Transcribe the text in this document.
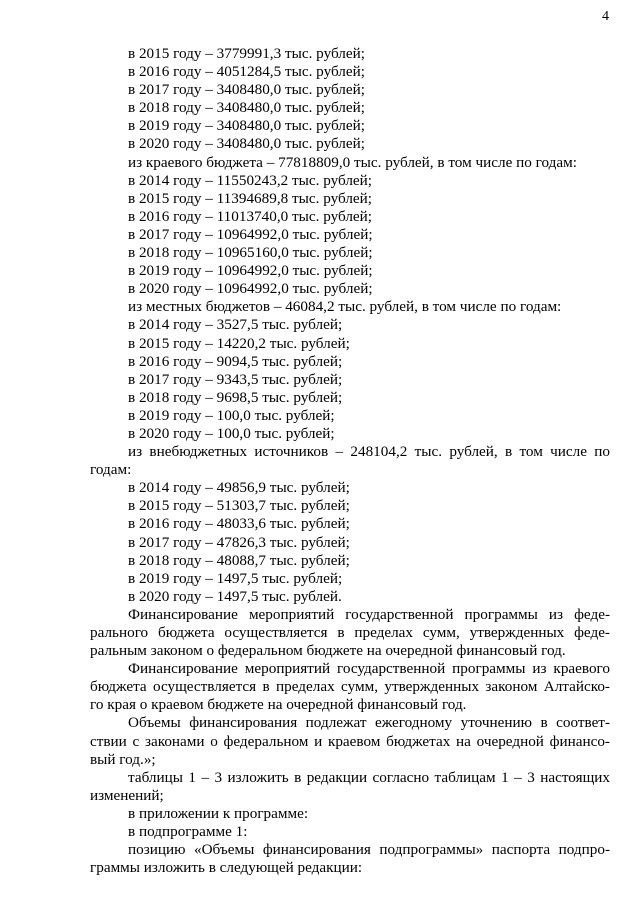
4
в 2015 году – 3779991,3 тыс. рублей;
в 2016 году – 4051284,5 тыс. рублей;
в 2017 году – 3408480,0 тыс. рублей;
в 2018 году – 3408480,0 тыс. рублей;
в 2019 году – 3408480,0 тыс. рублей;
в 2020 году – 3408480,0 тыс. рублей;
из краевого бюджета – 77818809,0 тыс. рублей, в том числе по годам:
в 2014 году – 11550243,2 тыс. рублей;
в 2015 году – 11394689,8 тыс. рублей;
в 2016 году – 11013740,0 тыс. рублей;
в 2017 году – 10964992,0 тыс. рублей;
в 2018 году – 10965160,0 тыс. рублей;
в 2019 году – 10964992,0 тыс. рублей;
в 2020 году – 10964992,0 тыс. рублей;
из местных бюджетов – 46084,2 тыс. рублей, в том числе по годам:
в 2014 году – 3527,5 тыс. рублей;
в 2015 году – 14220,2 тыс. рублей;
в 2016 году – 9094,5 тыс. рублей;
в 2017 году – 9343,5 тыс. рублей;
в 2018 году – 9698,5 тыс. рублей;
в 2019 году – 100,0 тыс. рублей;
в 2020 году – 100,0 тыс. рублей;
из внебюджетных источников – 248104,2 тыс. рублей, в том числе по
годам:
в 2014 году – 49856,9 тыс. рублей;
в 2015 году – 51303,7 тыс. рублей;
в 2016 году – 48033,6 тыс. рублей;
в 2017 году – 47826,3 тыс. рублей;
в 2018 году – 48088,7 тыс. рублей;
в 2019 году – 1497,5 тыс. рублей;
в 2020 году – 1497,5 тыс. рублей.
Финансирование мероприятий государственной программы из феде-
рального бюджета осуществляется в пределах сумм, утвержденных феде-
ральным законом о федеральном бюджете на очередной финансовый год.
Финансирование мероприятий государственной программы из краевого
бюджета осуществляется в пределах сумм, утвержденных законом Алтайско-
го края о краевом бюджете на очередной финансовый год.
Объемы финансирования подлежат ежегодному уточнению в соответ-
ствии с законами о федеральном и краевом бюджетах на очередной финансо-
вый год.»;
таблицы 1 – 3 изложить в редакции согласно таблицам 1 – 3 настоящих
изменений;
в приложении к программе:
в подпрограмме 1:
позицию «Объемы финансирования подпрограммы» паспорта подпро-
граммы изложить в следующей редакции:
